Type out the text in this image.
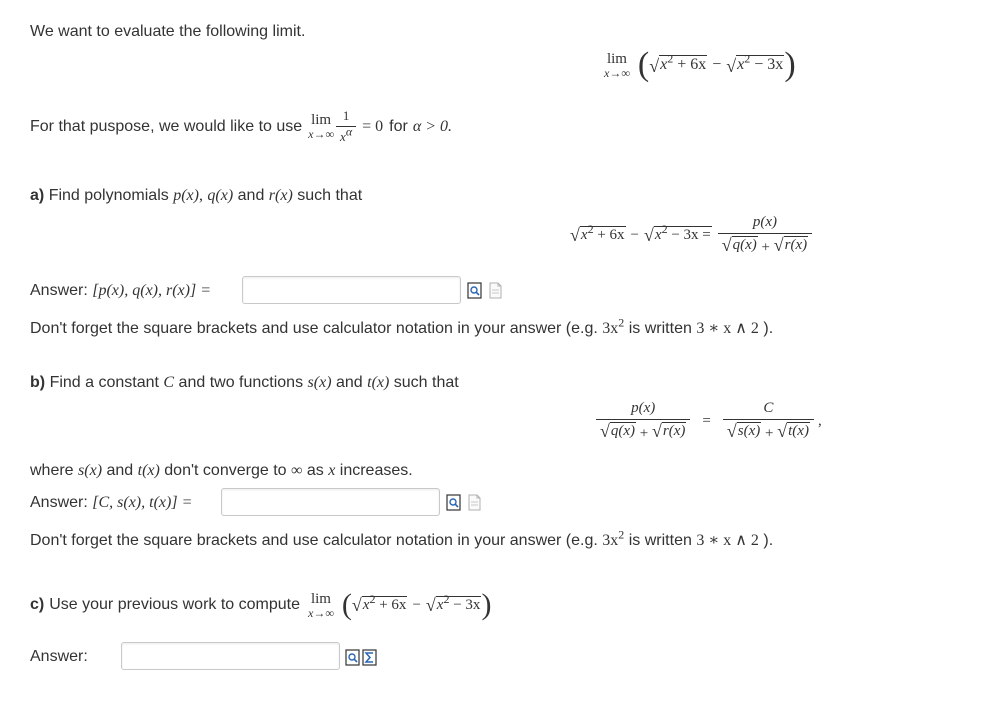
We want to evaluate the following limit.
lim
x→∞ ( √ $x^2 + 6x$ − √ $x^2 - 3x$ )
For that puspose, we would like to use lim
$x\to\infty \frac{1}{x\alpha} = 0$ for α > 0.
a) Find polynomials p(x), q(x) and r(x) such that
√ $x^2 + 6x$ − √ $x^2 - 3x = \frac{p(x)}{√ q(x) + √ r(x)}$
Answer: [p(x), q(x), r(x)] =
Don't forget the square brackets and use calculator notation in your answer (e.g. $3x^2$ is written 3 ∗ x ∧ 2 ).
b) Find a constant C and two functions s(x) and t(x) such that
$\frac{p(x)}{√ q(x) + √ r(x)} = \frac{C}{√ s(x) + √ t(x)}$ ,
where s(x) and t(x) don't converge to ∞ as x increases.
Answer: [C, s(x), t(x)] =
Don't forget the square brackets and use calculator notation in your answer (e.g. $3x^2$ is written 3 ∗ x ∧ 2 ).
c) Use your previous work to compute lim
x→∞ ( √ $x^2 + 6x$ − √ $x^2 - 3x$ )
Answer:
